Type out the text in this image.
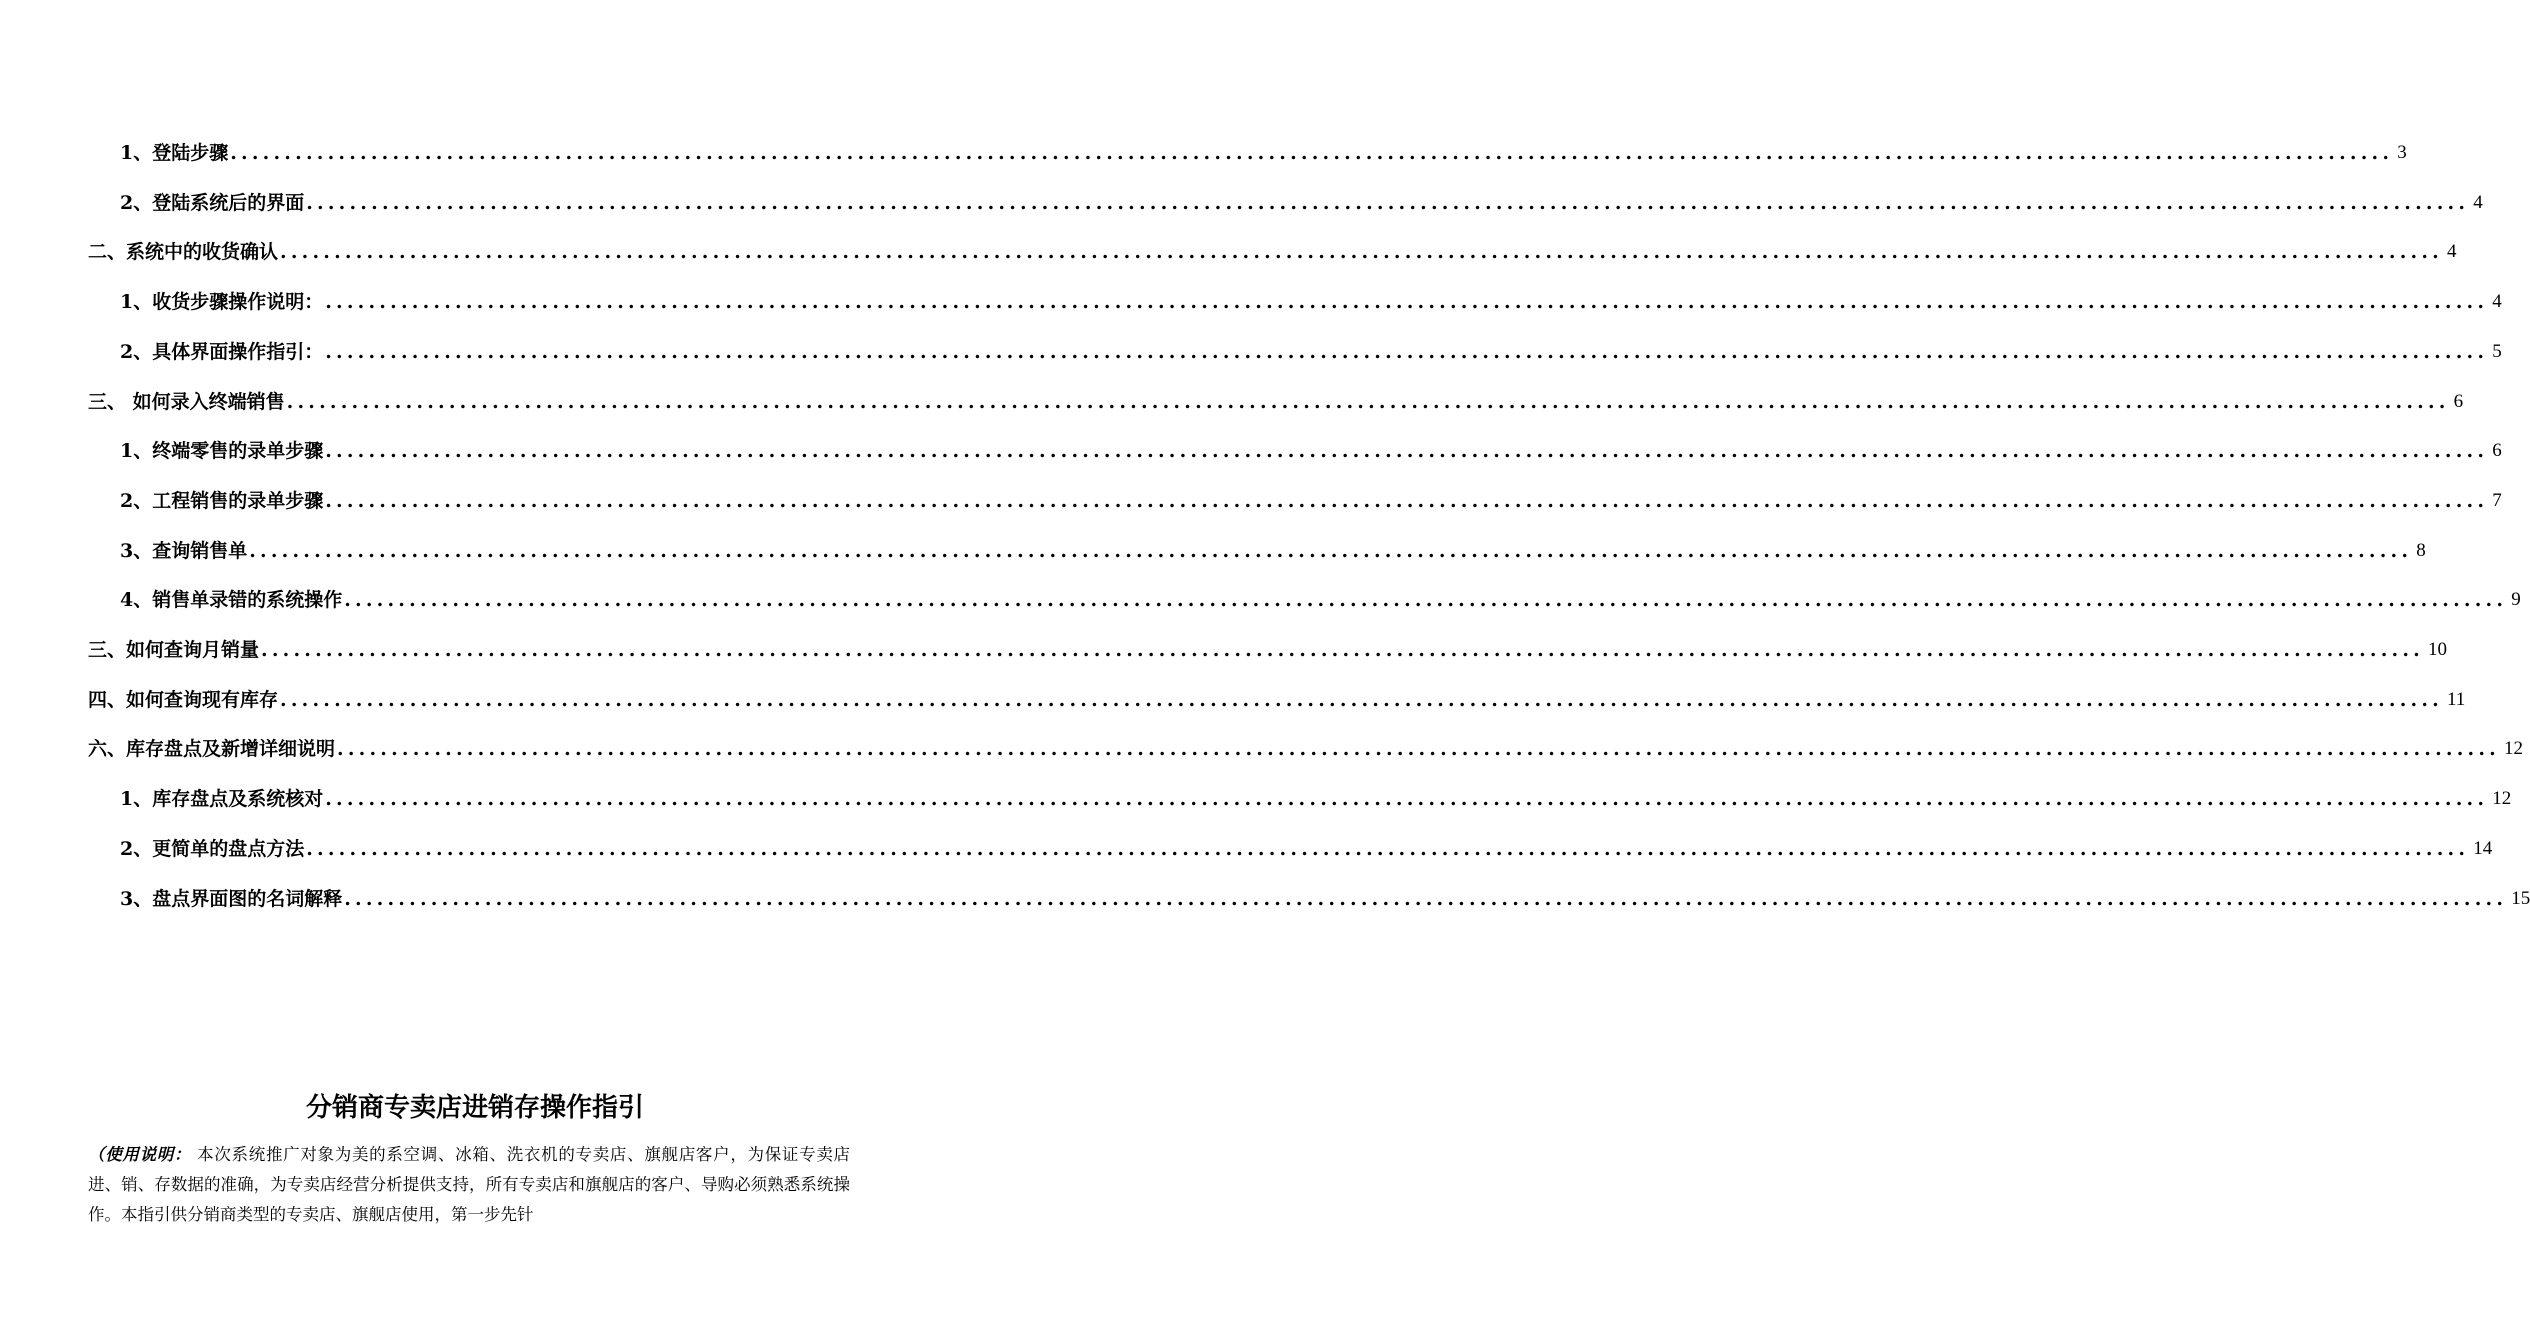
1、登陆步骤 ........................................................................................................................................................................................................ 3
2、登陆系统后的界面 ........................................................................................................................................................................................................ 4
二、系统中的收货确认 ........................................................................................................................................................................................................ 4
1、收货步骤操作说明： ........................................................................................................................................................................................................ 4
2、具体界面操作指引： ........................................................................................................................................................................................................ 5
三、 如何录入终端销售 ........................................................................................................................................................................................................ 6
1、终端零售的录单步骤 ........................................................................................................................................................................................................ 6
2、工程销售的录单步骤 ........................................................................................................................................................................................................ 7
3、查询销售单 ........................................................................................................................................................................................................ 8
4、销售单录错的系统操作 ........................................................................................................................................................................................................ 9
三、如何查询月销量 ........................................................................................................................................................................................................ 10
四、如何查询现有库存 ........................................................................................................................................................................................................ 11
六、库存盘点及新增详细说明 ........................................................................................................................................................................................................ 12
1、库存盘点及系统核对 ........................................................................................................................................................................................................ 12
2、更简单的盘点方法 ........................................................................................................................................................................................................ 14
3、盘点界面图的名词解释 ........................................................................................................................................................................................................ 15
分销商专卖店进销存操作指引
（使用说明： 本次系统推广对象为美的系空调、冰箱、洗衣机的专卖店、旗舰店客户，为保证专卖店进、销、存数据的准确，为专卖店经营分析提供支持，所有专卖店和旗舰店的客户、导购必须熟悉系统操作。本指引供分销商类型的专卖店、旗舰店使用，第一步先针
